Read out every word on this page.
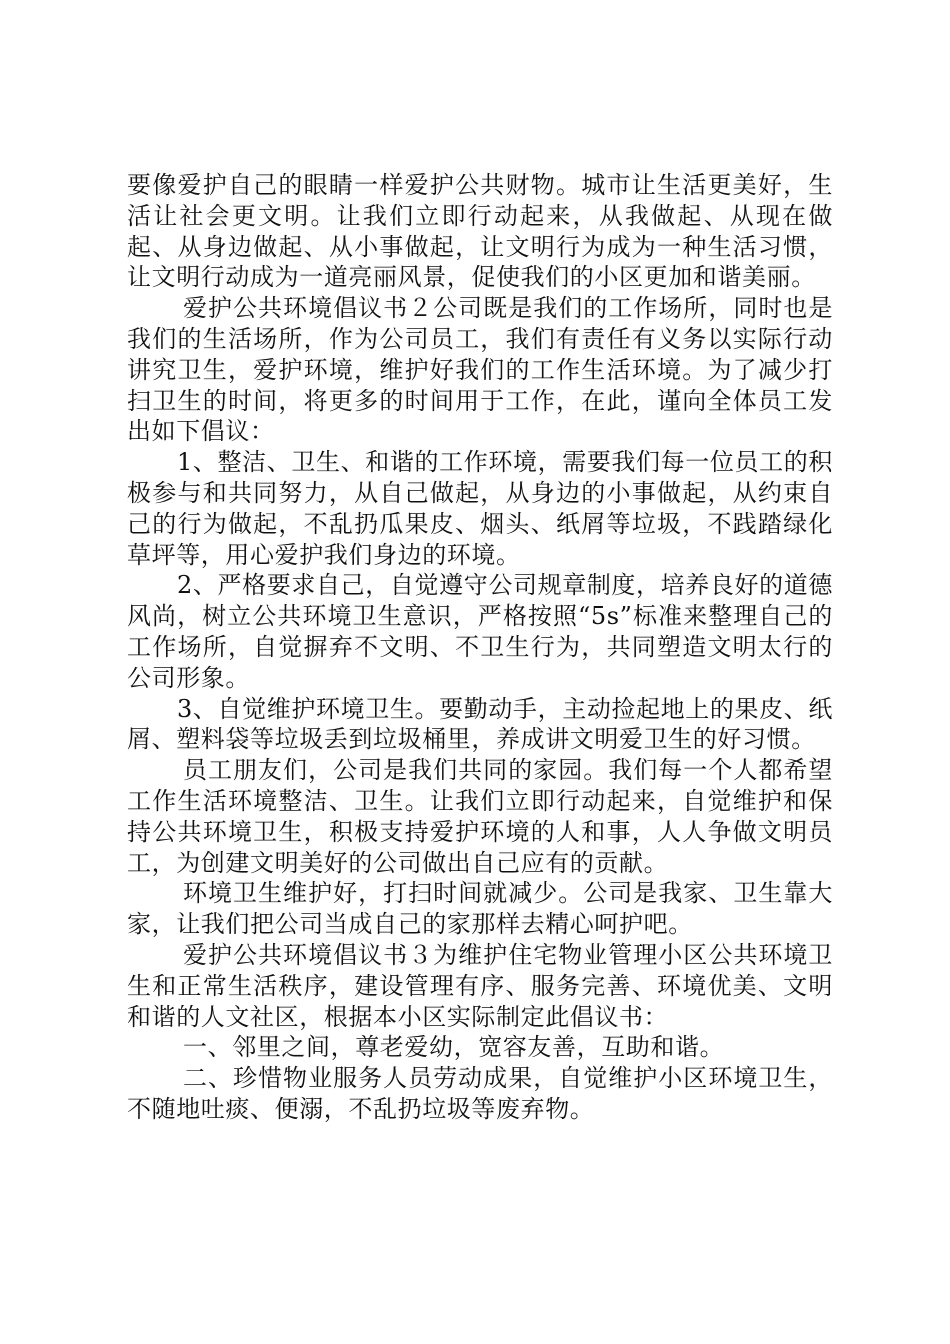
要像爱护自己的眼睛一样爱护公共财物。城市让生活更美好，生活让社会更文明。让我们立即行动起来，从我做起、从现在做起、从身边做起、从小事做起，让文明行为成为一种生活习惯，让文明行动成为一道亮丽风景，促使我们的小区更加和谐美丽。

爱护公共环境倡议书２公司既是我们的工作场所，同时也是我们的生活场所，作为公司员工，我们有责任有义务以实际行动讲究卫生，爱护环境，维护好我们的工作生活环境。为了减少打扫卫生的时间，将更多的时间用于工作，在此，谨向全体员工发出如下倡议：

1、整洁、卫生、和谐的工作环境，需要我们每一位员工的积极参与和共同努力，从自己做起，从身边的小事做起，从约束自己的行为做起，不乱扔瓜果皮、烟头、纸屑等垃圾，不践踏绿化草坪等，用心爱护我们身边的环境。

2、严格要求自己，自觉遵守公司规章制度，培养良好的道德风尚，树立公共环境卫生意识，严格按照“5s”标准来整理自己的工作场所，自觉摒弃不文明、不卫生行为，共同塑造文明太行的公司形象。

3、自觉维护环境卫生。要勤动手，主动捡起地上的果皮、纸屑、塑料袋等垃圾丢到垃圾桶里，养成讲文明爱卫生的好习惯。

员工朋友们，公司是我们共同的家园。我们每一个人都希望工作生活环境整洁、卫生。让我们立即行动起来，自觉维护和保持公共环境卫生，积极支持爱护环境的人和事，人人争做文明员工，为创建文明美好的公司做出自己应有的贡献。

环境卫生维护好，打扫时间就减少。公司是我家、卫生靠大家，让我们把公司当成自己的家那样去精心呵护吧。

爱护公共环境倡议书３为维护住宅物业管理小区公共环境卫生和正常生活秩序，建设管理有序、服务完善、环境优美、文明和谐的人文社区，根据本小区实际制定此倡议书：

一、邻里之间，尊老爱幼，宽容友善，互助和谐。

二、珍惜物业服务人员劳动成果，自觉维护小区环境卫生，不随地吐痰、便溺，不乱扔垃圾等废弃物。
